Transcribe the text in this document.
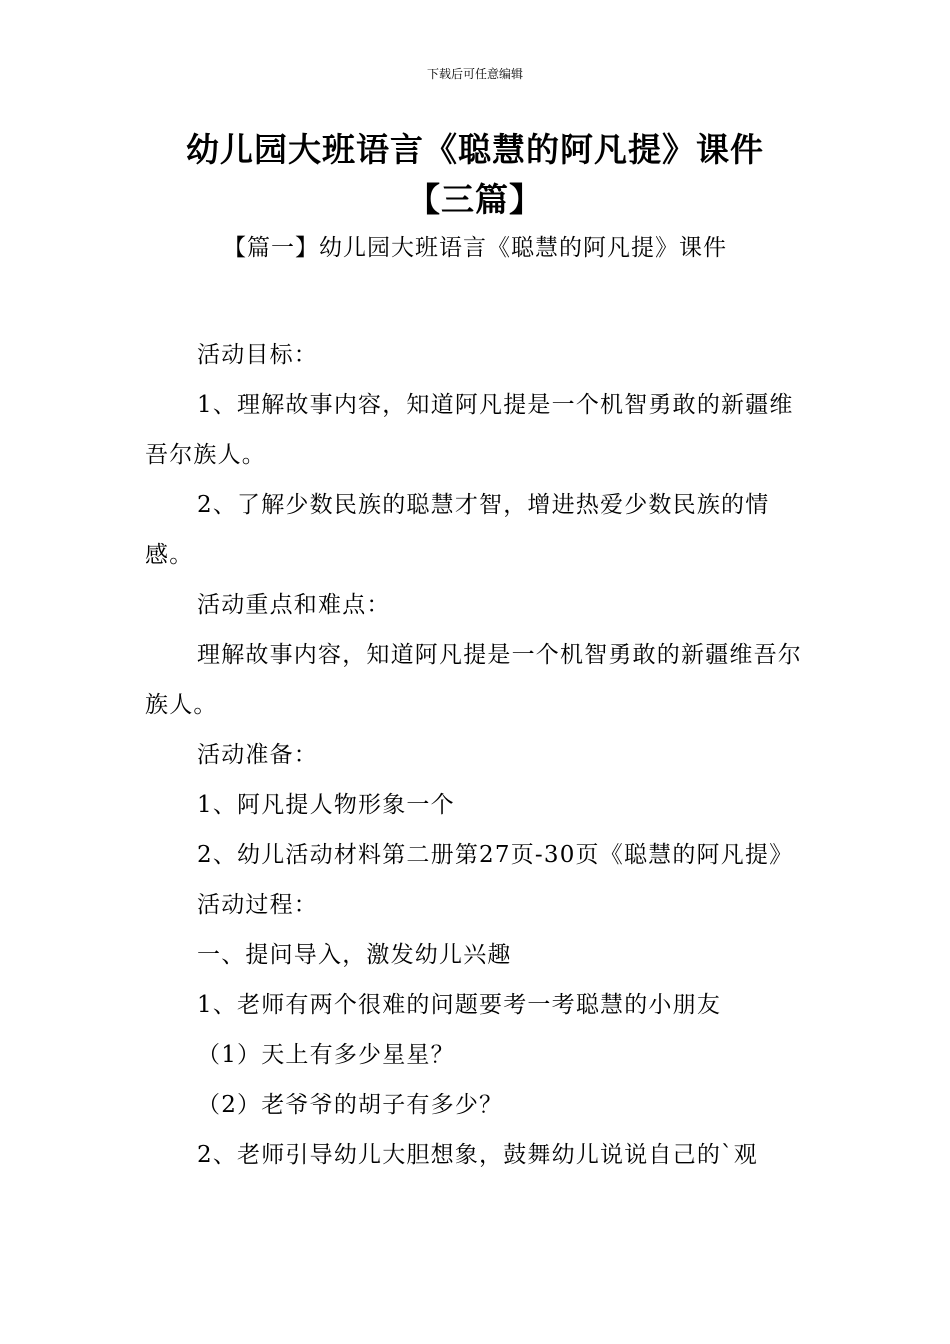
下载后可任意编辑
幼儿园大班语言《聪慧的阿凡提》课件
【三篇】
【篇一】幼儿园大班语言《聪慧的阿凡提》课件

活动目标：

1、理解故事内容，知道阿凡提是一个机智勇敢的新疆维吾尔族人。

2、了解少数民族的聪慧才智，增进热爱少数民族的情感。

活动重点和难点：

理解故事内容，知道阿凡提是一个机智勇敢的新疆维吾尔族人。

活动准备：

1、阿凡提人物形象一个

2、幼儿活动材料第二册第27页-30页《聪慧的阿凡提》

活动过程：

一、提问导入，激发幼儿兴趣

1、老师有两个很难的问题要考一考聪慧的小朋友

（1）天上有多少星星？

（2）老爷爷的胡子有多少？

2、老师引导幼儿大胆想象，鼓舞幼儿说说自己的`观
